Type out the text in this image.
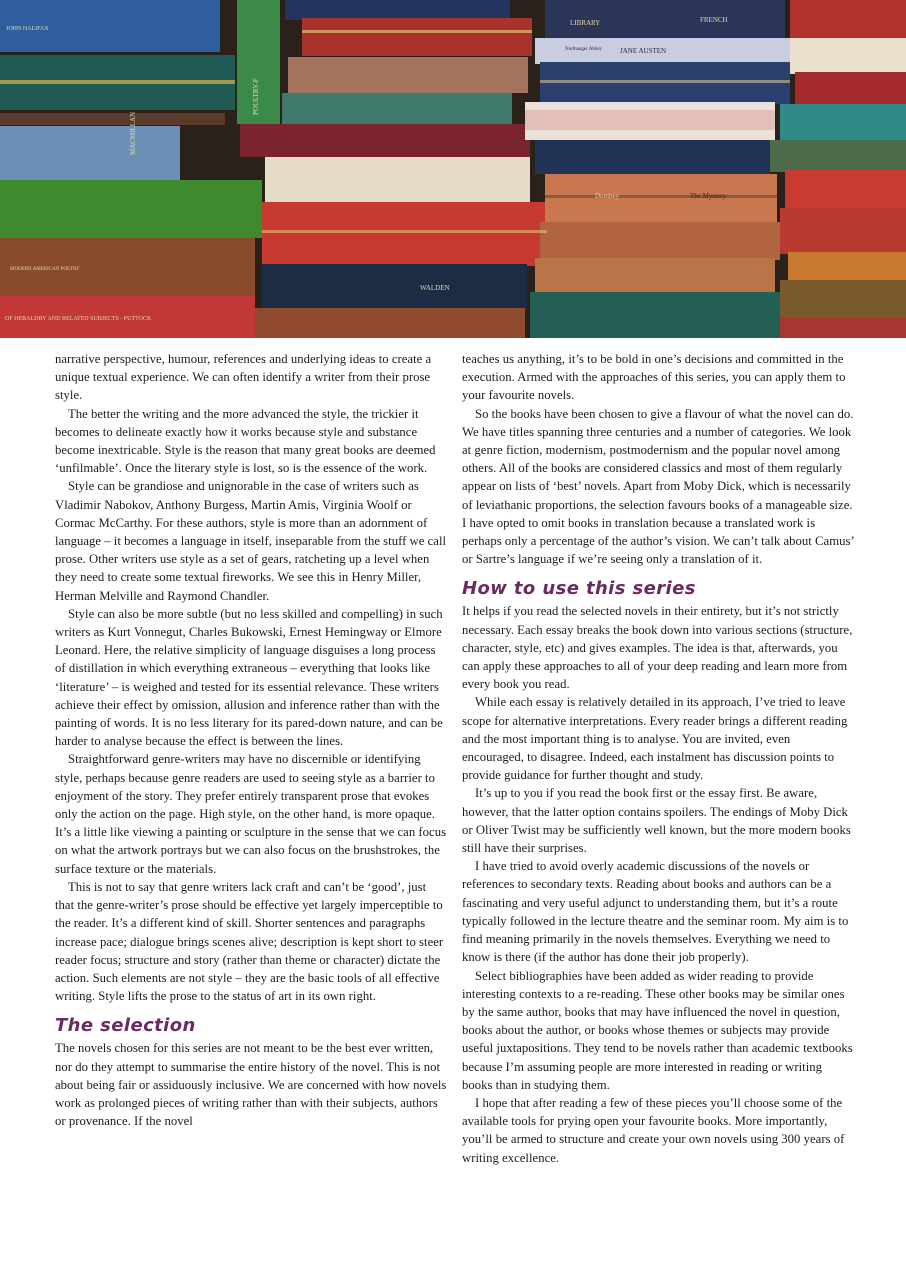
POULTRY-F
JANE AUSTEN
Northanger Abbey
LIBRARY	FRENCH
MACMILLAN
OF HERALDRY AND RELATED SUBJECTS - PUTTOCK
WALDEN
MODERN AMERICAN POETRY
JOHN HALIFAX
Dombey	The Mystery

narrative perspective, humour, references and underlying ideas to create a unique textual experience. We can often identify a writer from their prose style.

The better the writing and the more advanced the style, the trickier it becomes to delineate exactly how it works because style and substance become inextricable. Style is the reason that many great books are deemed ‘unfilmable’. Once the literary style is lost, so is the essence of the work.

Style can be grandiose and unignorable in the case of writers such as Vladimir Nabokov, Anthony Burgess, Martin Amis, Virginia Woolf or Cormac McCarthy. For these authors, style is more than an adornment of language – it becomes a language in itself, inseparable from the stuff we call prose. Other writers use style as a set of gears, ratcheting up a level when they need to create some textual fireworks. We see this in Henry Miller, Herman Melville and Raymond Chandler.

Style can also be more subtle (but no less skilled and compelling) in such writers as Kurt Vonnegut, Charles Bukowski, Ernest Hemingway or Elmore Leonard. Here, the relative simplicity of language disguises a long process of distillation in which everything extraneous – everything that looks like ‘literature’ – is weighed and tested for its essential relevance. These writers achieve their effect by omission, allusion and inference rather than with the painting of words. It is no less literary for its pared-down nature, and can be harder to analyse because the effect is between the lines.

Straightforward genre-writers may have no discernible or identifying style, perhaps because genre readers are used to seeing style as a barrier to enjoyment of the story. They prefer entirely transparent prose that evokes only the action on the page. High style, on the other hand, is more opaque. It’s a little like viewing a painting or sculpture in the sense that we can focus on what the artwork portrays but we can also focus on the brushstrokes, the surface texture or the materials.

This is not to say that genre writers lack craft and can’t be ‘good’, just that the genre-writer’s prose should be effective yet largely imperceptible to the reader. It’s a different kind of skill. Shorter sentences and paragraphs increase pace; dialogue brings scenes alive; description is kept short to steer reader focus; structure and story (rather than theme or character) dictate the action. Such elements are not style – they are the basic tools of all effective writing. Style lifts the prose to the status of art in its own right.

The selection

The novels chosen for this series are not meant to be the best ever written, nor do they attempt to summarise the entire history of the novel. This is not about being fair or assiduously inclusive. We are concerned with how novels work as prolonged pieces of writing rather than with their subjects, authors or provenance. If the novel

teaches us anything, it’s to be bold in one’s decisions and committed in the execution. Armed with the approaches of this series, you can apply them to your favourite novels.

So the books have been chosen to give a flavour of what the novel can do. We have titles spanning three centuries and a number of categories. We look at genre fiction, modernism, postmodernism and the popular novel among others. All of the books are considered classics and most of them regularly appear on lists of ‘best’ novels. Apart from Moby Dick, which is necessarily of leviathanic proportions, the selection favours books of a manageable size. I have opted to omit books in translation because a translated work is perhaps only a percentage of the author’s vision. We can’t talk about Camus’ or Sartre’s language if we’re seeing only a translation of it.

How to use this series

It helps if you read the selected novels in their entirety, but it’s not strictly necessary. Each essay breaks the book down into various sections (structure, character, style, etc) and gives examples. The idea is that, afterwards, you can apply these approaches to all of your deep reading and learn more from every book you read.

While each essay is relatively detailed in its approach, I’ve tried to leave scope for alternative interpretations. Every reader brings a different reading and the most important thing is to analyse. You are invited, even encouraged, to disagree. Indeed, each instalment has discussion points to provide guidance for further thought and study.

It’s up to you if you read the book first or the essay first. Be aware, however, that the latter option contains spoilers. The endings of Moby Dick or Oliver Twist may be sufficiently well known, but the more modern books still have their surprises.

I have tried to avoid overly academic discussions of the novels or references to secondary texts. Reading about books and authors can be a fascinating and very useful adjunct to understanding them, but it’s a route typically followed in the lecture theatre and the seminar room. My aim is to find meaning primarily in the novels themselves. Everything we need to know is there (if the author has done their job properly).

Select bibliographies have been added as wider reading to provide interesting contexts to a re-reading. These other books may be similar ones by the same author, books that may have influenced the novel in question, books about the author, or books whose themes or subjects may provide useful juxtapositions. They tend to be novels rather than academic textbooks because I’m assuming people are more interested in reading or writing books than in studying them.

I hope that after reading a few of these pieces you’ll choose some of the available tools for prying open your favourite books. More importantly, you’ll be armed to structure and create your own novels using 300 years of writing excellence.
